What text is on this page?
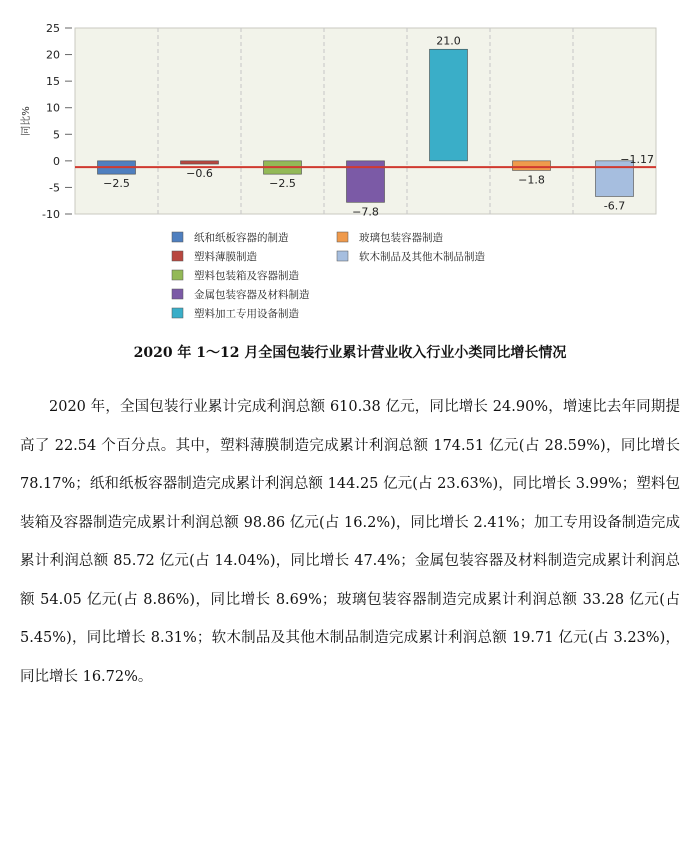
-10
-5
0
5
10
15
20
25
同比%
−1.17
−2.5
−0.6
−2.5
−7.8
21.0
−1.8
-6.7
纸和纸板容器的制造
塑料薄膜制造
塑料包装箱及容器制造
金属包装容器及材料制造
塑料加工专用设备制造
玻璃包装容器制造
软木制品及其他木制品制造
2020 年 1～12 月全国包装行业累计营业收入行业小类同比增长情况

2020 年，全国包装行业累计完成利润总额 610.38 亿元，同比增长 24.90%，增速比去年同期提高了 22.54 个百分点。其中，塑料薄膜制造完成累计利润总额 174.51 亿元(占 28.59%)，同比增长 78.17%；纸和纸板容器制造完成累计利润总额 144.25 亿元(占 23.63%)，同比增长 3.99%；塑料包装箱及容器制造完成累计利润总额 98.86 亿元(占 16.2%)，同比增长 2.41%；加工专用设备制造完成累计利润总额 85.72 亿元(占 14.04%)，同比增长 47.4%；金属包装容器及材料制造完成累计利润总额 54.05 亿元(占 8.86%)，同比增长 8.69%；玻璃包装容器制造完成累计利润总额 33.28 亿元(占 5.45%)，同比增长 8.31%；软木制品及其他木制品制造完成累计利润总额 19.71 亿元(占 3.23%)，同比增长 16.72%。
